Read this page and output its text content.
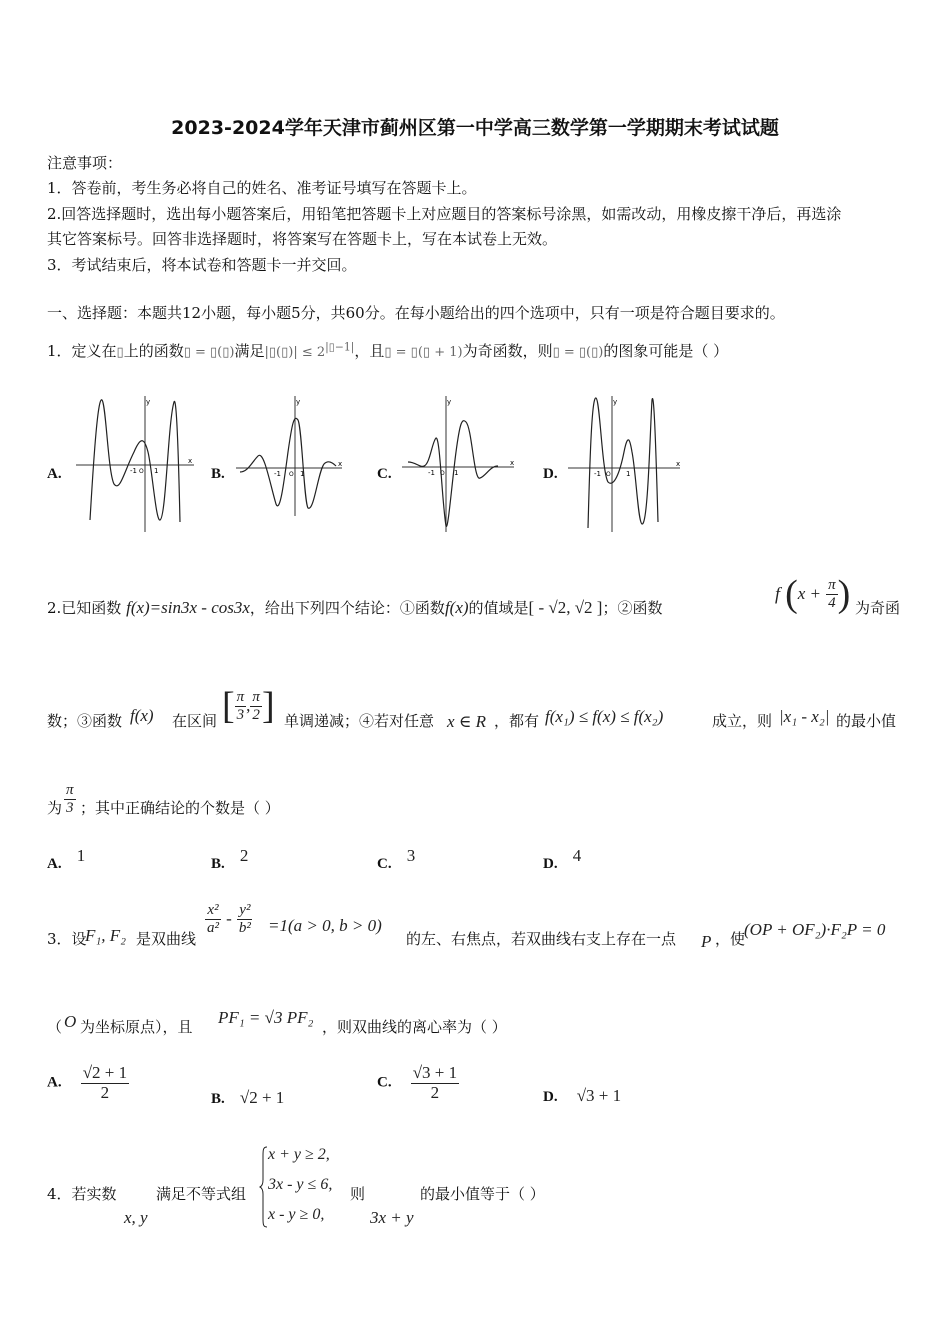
2023-2024学年天津市蓟州区第一中学高三数学第一学期期末考试试题
注意事项：
1．答卷前，考生务必将自己的姓名、准考证号填写在答题卡上。
2.回答选择题时，选出每小题答案后，用铅笔把答题卡上对应题目的答案标号涂黑，如需改动，用橡皮擦干净后，再选涂
其它答案标号。回答非选择题时，将答案写在答题卡上，写在本试卷上无效。
3．考试结束后，将本试卷和答题卡一并交回。
一、选择题：本题共12小题，每小题5分，共60分。在每小题给出的四个选项中，只有一项是符合题目要求的。
1．定义在▯上的函数▯ = ▯(▯)满足|▯(▯)| ≤ $2^{|▯-1|}$，且▯ = ▯(▯ + 1)为奇函数，则▯ = ▯(▯)的图象可能是（ ）
A.	B.	C.	D.
y
x
-1 O 1
y
x
-1 O 1
y
x
-1 O 1
y
x
-1 O 1
2.已知函数 f(x)=sin3x - cos3x，给出下列四个结论：①函数f(x)的值域是[ - √2, √2 ]；②函数
f ($x + \frac{\pi}{4}$ ) 为奇函
数；③函数 f(x) 在区间 [ $\frac{\pi}{3}$ , $\frac{\pi}{2}$ ] 单调递减；④若对任意 x ∈ R ，都有 f(x₁) ≤ f(x) ≤ f(x₂)	成立，则 |x₁ - x₂| 的最小值
为 $\frac{\pi}{3}$ ；其中正确结论的个数是（ ）
A. 1	B. 2	C. 3	D. 4
3．设
F₁, F₂ 是双曲线
$\frac{\text{x²}}{\text{a²}} - \frac{\text{y²}}{\text{b²}} =1(a > 0$, b > 0)
的左、右焦点，若双曲线右支上存在一点 P ，使
(OP + OF₂)·F₂P = 0
（ O 为坐标原点），且 PF₁ = √3 PF₂ ，则双曲线的离心率为（ ）
A. $\frac{√2 + 1}{2}$	B. √2 + 1
C. $\frac{√3 + 1}{2}$	D. √3 + 1
4．若实数
x, y
满足不等式组
x + y ≥ 2,
3x - y ≤ 6,
x - y ≥ 0,
则
3x + y
的最小值等于（ ）
